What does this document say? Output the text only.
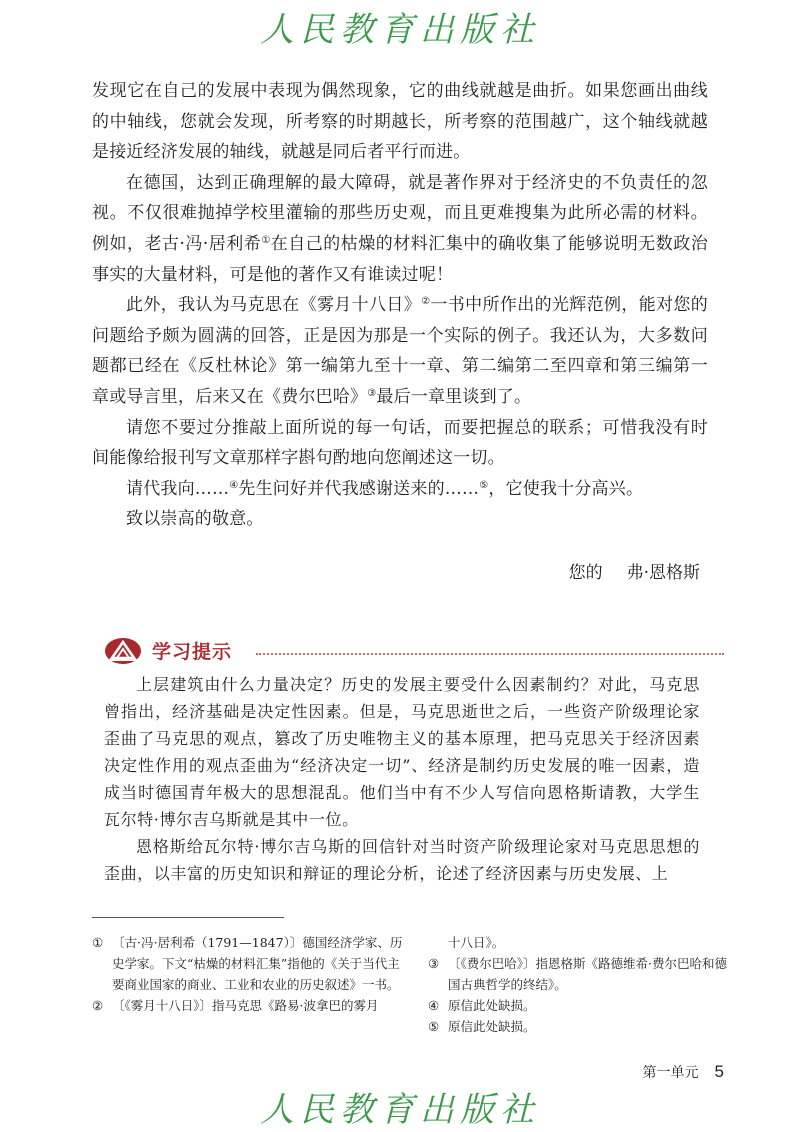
人民教育出版社

发现它在自己的发展中表现为偶然现象，它的曲线就越是曲折。如果您画出曲线的中轴线，您就会发现，所考察的时期越长，所考察的范围越广，这个轴线就越是接近经济发展的轴线，就越是同后者平行而进。

在德国，达到正确理解的最大障碍，就是著作界对于经济史的不负责任的忽视。不仅很难抛掉学校里灌输的那些历史观，而且更难搜集为此所必需的材料。例如，老古·冯·居利希①在自己的枯燥的材料汇集中的确收集了能够说明无数政治事实的大量材料，可是他的著作又有谁读过呢！

此外，我认为马克思在《雾月十八日》②一书中所作出的光辉范例，能对您的问题给予颇为圆满的回答，正是因为那是一个实际的例子。我还认为，大多数问题都已经在《反杜林论》第一编第九至十一章、第二编第二至四章和第三编第一章或导言里，后来又在《费尔巴哈》③最后一章里谈到了。

请您不要过分推敲上面所说的每一句话，而要把握总的联系；可惜我没有时间能像给报刊写文章那样字斟句酌地向您阐述这一切。

请代我向……④先生问好并代我感谢送来的……⑤，它使我十分高兴。

致以崇高的敬意。

您的 弗·恩格斯
学习提示

上层建筑由什么力量决定？历史的发展主要受什么因素制约？对此，马克思曾指出，经济基础是决定性因素。但是，马克思逝世之后，一些资产阶级理论家歪曲了马克思的观点，篡改了历史唯物主义的基本原理，把马克思关于经济因素决定性作用的观点歪曲为“经济决定一切”、经济是制约历史发展的唯一因素，造成当时德国青年极大的思想混乱。他们当中有不少人写信向恩格斯请教，大学生瓦尔特·博尔吉乌斯就是其中一位。

恩格斯给瓦尔特·博尔吉乌斯的回信针对当时资产阶级理论家对马克思思想的歪曲，以丰富的历史知识和辩证的理论分析，论述了经济因素与历史发展、上

① 〔古·冯·居利希（1791—1847）〕德国经济学家、历史学家。下文“枯燥的材料汇集”指他的《关于当代主要商业国家的商业、工业和农业的历史叙述》一书。
② 〔《雾月十八日》〕指马克思《路易·波拿巴的雾月
十八日》。
③ 〔《费尔巴哈》〕指恩格斯《路德维希·费尔巴哈和德国古典哲学的终结》。
④ 原信此处缺损。
⑤ 原信此处缺损。
第一单元 5
人民教育出版社
